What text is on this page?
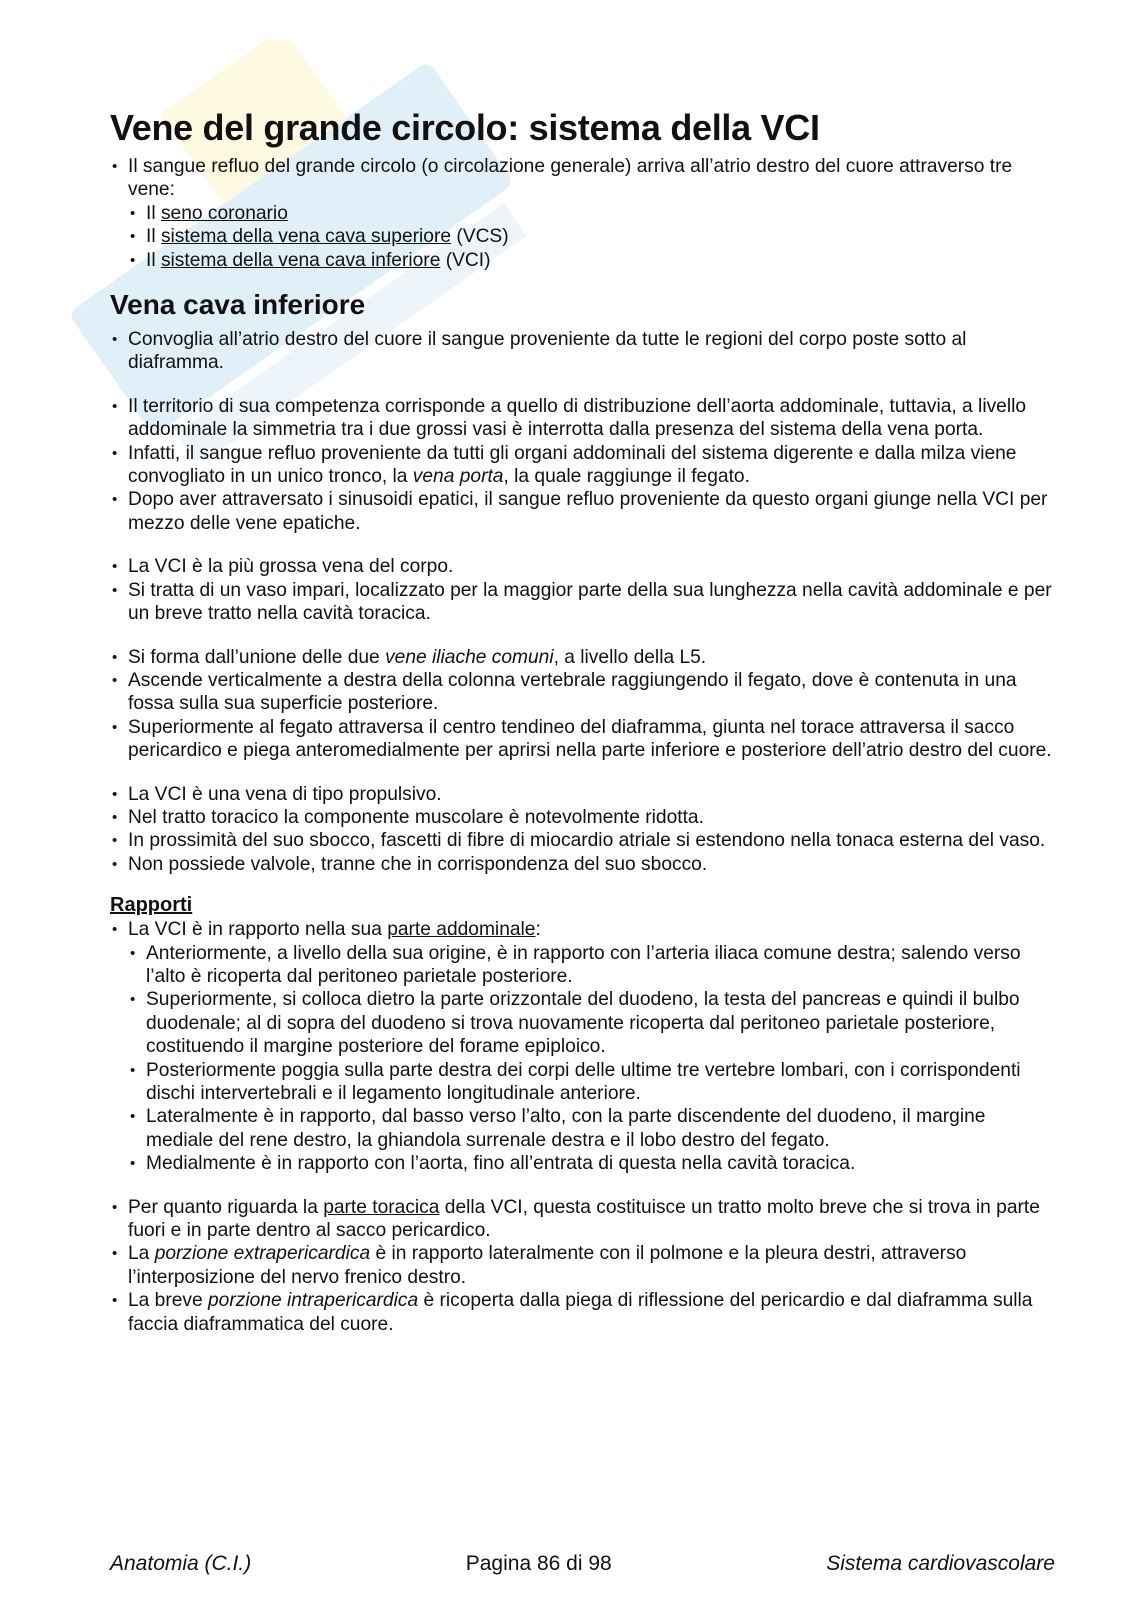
Vene del grande circolo: sistema della VCI
• Il sangue refluo del grande circolo (o circolazione generale) arriva all’atrio destro del cuore attraverso tre vene:
• Il seno coronario
• Il sistema della vena cava superiore (VCS)
• Il sistema della vena cava inferiore (VCI)
Vena cava inferiore
• Convoglia all’atrio destro del cuore il sangue proveniente da tutte le regioni del corpo poste sotto al diaframma.
• Il territorio di sua competenza corrisponde a quello di distribuzione dell’aorta addominale, tuttavia, a livello addominale la simmetria tra i due grossi vasi è interrotta dalla presenza del sistema della vena porta.
• Infatti, il sangue refluo proveniente da tutti gli organi addominali del sistema digerente e dalla milza viene convogliato in un unico tronco, la vena porta, la quale raggiunge il fegato.
• Dopo aver attraversato i sinusoidi epatici, il sangue refluo proveniente da questo organi giunge nella VCI per mezzo delle vene epatiche.
• La VCI è la più grossa vena del corpo.
• Si tratta di un vaso impari, localizzato per la maggior parte della sua lunghezza nella cavità addominale e per un breve tratto nella cavità toracica.
• Si forma dall’unione delle due vene iliache comuni, a livello della L5.
• Ascende verticalmente a destra della colonna vertebrale raggiungendo il fegato, dove è contenuta in una fossa sulla sua superficie posteriore.
• Superiormente al fegato attraversa il centro tendineo del diaframma, giunta nel torace attraversa il sacco pericardico e piega anteromedialmente per aprirsi nella parte inferiore e posteriore dell’atrio destro del cuore.
• La VCI è una vena di tipo propulsivo.
• Nel tratto toracico la componente muscolare è notevolmente ridotta.
• In prossimità del suo sbocco, fascetti di fibre di miocardio atriale si estendono nella tonaca esterna del vaso.
• Non possiede valvole, tranne che in corrispondenza del suo sbocco.
Rapporti
• La VCI è in rapporto nella sua parte addominale:
• Anteriormente, a livello della sua origine, è in rapporto con l’arteria iliaca comune destra; salendo verso l’alto è ricoperta dal peritoneo parietale posteriore.
• Superiormente, si colloca dietro la parte orizzontale del duodeno, la testa del pancreas e quindi il bulbo duodenale; al di sopra del duodeno si trova nuovamente ricoperta dal peritoneo parietale posteriore, costituendo il margine posteriore del forame epiploico.
• Posteriormente poggia sulla parte destra dei corpi delle ultime tre vertebre lombari, con i corrispondenti dischi intervertebrali e il legamento longitudinale anteriore.
• Lateralmente è in rapporto, dal basso verso l’alto, con la parte discendente del duodeno, il margine mediale del rene destro, la ghiandola surrenale destra e il lobo destro del fegato.
• Medialmente è in rapporto con l’aorta, fino all’entrata di questa nella cavità toracica.
• Per quanto riguarda la parte toracica della VCI, questa costituisce un tratto molto breve che si trova in parte fuori e in parte dentro al sacco pericardico.
• La porzione extrapericardica è in rapporto lateralmente con il polmone e la pleura destri, attraverso l’interposizione del nervo frenico destro.
• La breve porzione intrapericardica è ricoperta dalla piega di riflessione del pericardio e dal diaframma sulla faccia diaframmatica del cuore.
Anatomia (C.I.)	Pagina 86 di 98	Sistema cardiovascolare
